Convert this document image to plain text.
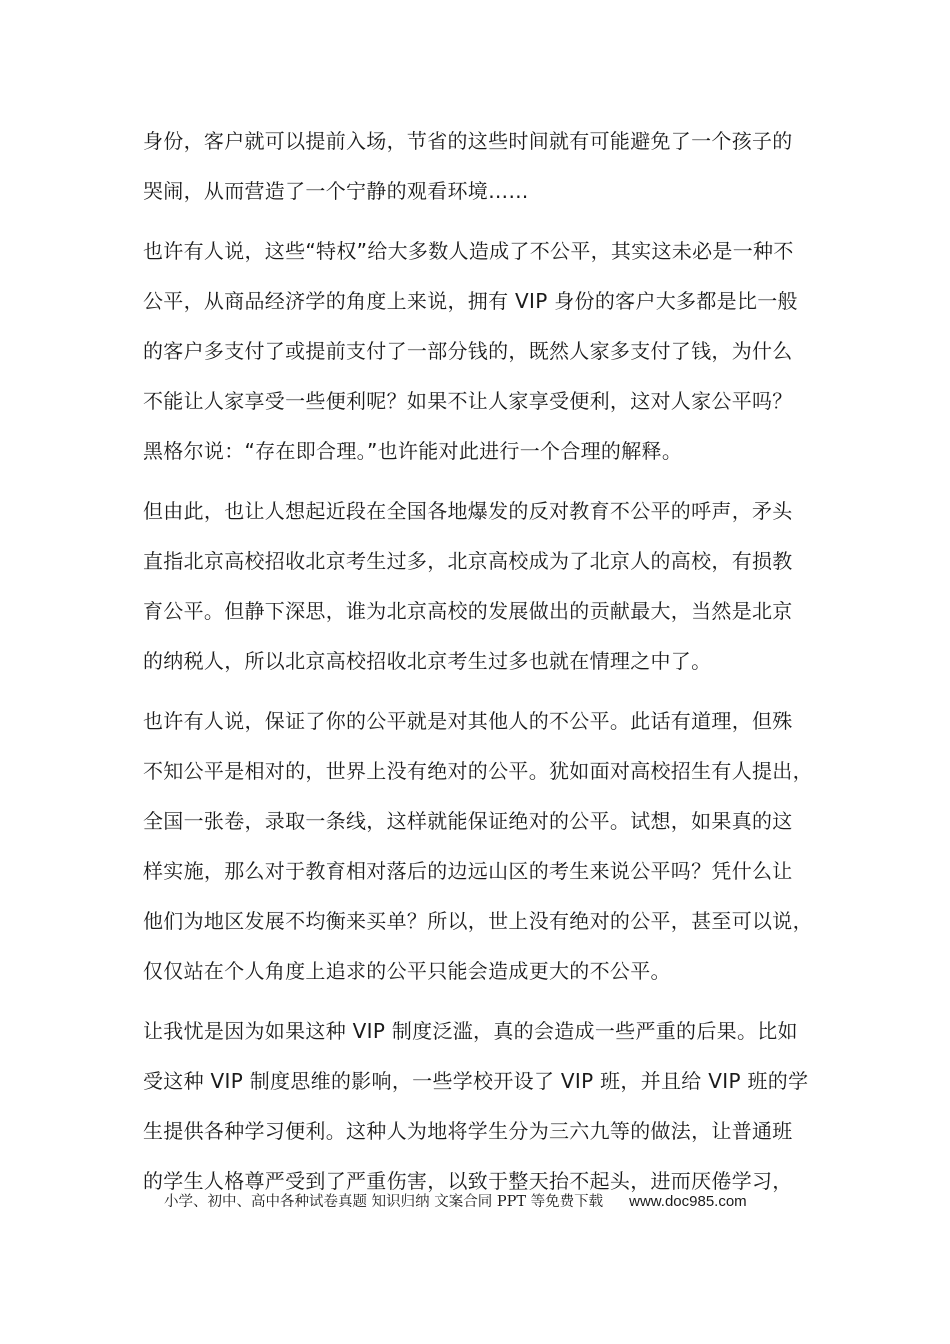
身份，客户就可以提前入场，节省的这些时间就有可能避免了一个孩子的
哭闹，从而营造了一个宁静的观看环境……
也许有人说，这些“特权”给大多数人造成了不公平，其实这未必是一种不
公平，从商品经济学的角度上来说，拥有 VIP 身份的客户大多都是比一般
的客户多支付了或提前支付了一部分钱的，既然人家多支付了钱，为什么
不能让人家享受一些便利呢？如果不让人家享受便利，这对人家公平吗？
黑格尔说：“存在即合理。”也许能对此进行一个合理的解释。
但由此，也让人想起近段在全国各地爆发的反对教育不公平的呼声，矛头
直指北京高校招收北京考生过多，北京高校成为了北京人的高校，有损教
育公平。但静下深思，谁为北京高校的发展做出的贡献最大，当然是北京
的纳税人，所以北京高校招收北京考生过多也就在情理之中了。
也许有人说，保证了你的公平就是对其他人的不公平。此话有道理，但殊
不知公平是相对的，世界上没有绝对的公平。犹如面对高校招生有人提出，
全国一张卷，录取一条线，这样就能保证绝对的公平。试想，如果真的这
样实施，那么对于教育相对落后的边远山区的考生来说公平吗？凭什么让
他们为地区发展不均衡来买单？所以，世上没有绝对的公平，甚至可以说，
仅仅站在个人角度上追求的公平只能会造成更大的不公平。
让我忧是因为如果这种 VIP 制度泛滥，真的会造成一些严重的后果。比如
受这种 VIP 制度思维的影响，一些学校开设了 VIP 班，并且给 VIP 班的学
生提供各种学习便利。这种人为地将学生分为三六九等的做法，让普通班
的学生人格尊严受到了严重伤害，以致于整天抬不起头，进而厌倦学习，
小学、初中、高中各种试卷真题 知识归纳 文案合同 PPT 等免费下载 www.doc985.com
